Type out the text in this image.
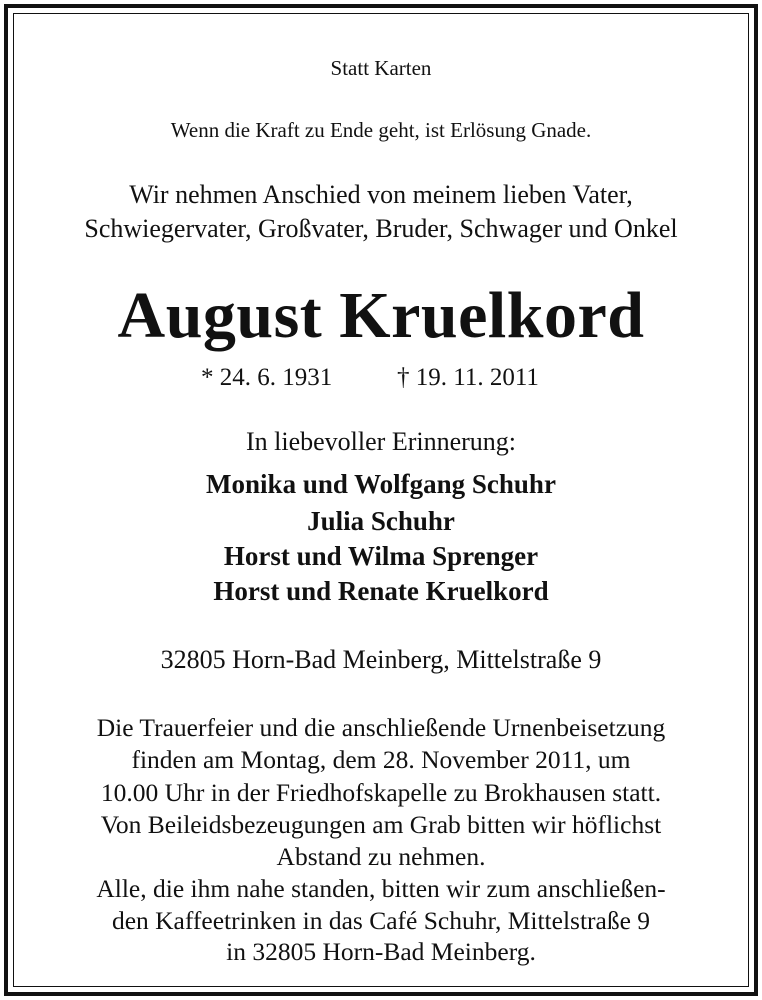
Statt Karten
Wenn die Kraft zu Ende geht, ist Erlösung Gnade.
Wir nehmen Anschied von meinem lieben Vater,
Schwiegervater, Großvater, Bruder, Schwager und Onkel
August Kruelkord
* 24. 6. 1931	† 19. 11. 2011
In liebevoller Erinnerung:
Monika und Wolfgang Schuhr
Julia Schuhr
Horst und Wilma Sprenger
Horst und Renate Kruelkord
32805 Horn-Bad Meinberg, Mittelstraße 9
Die Trauerfeier und die anschließende Urnenbeisetzung
finden am Montag, dem 28. November 2011, um
10.00 Uhr in der Friedhofskapelle zu Brokhausen statt.
Von Beileidsbezeugungen am Grab bitten wir höflichst
Abstand zu nehmen.
Alle, die ihm nahe standen, bitten wir zum anschließen-
den Kaffeetrinken in das Café Schuhr, Mittelstraße 9
in 32805 Horn-Bad Meinberg.
